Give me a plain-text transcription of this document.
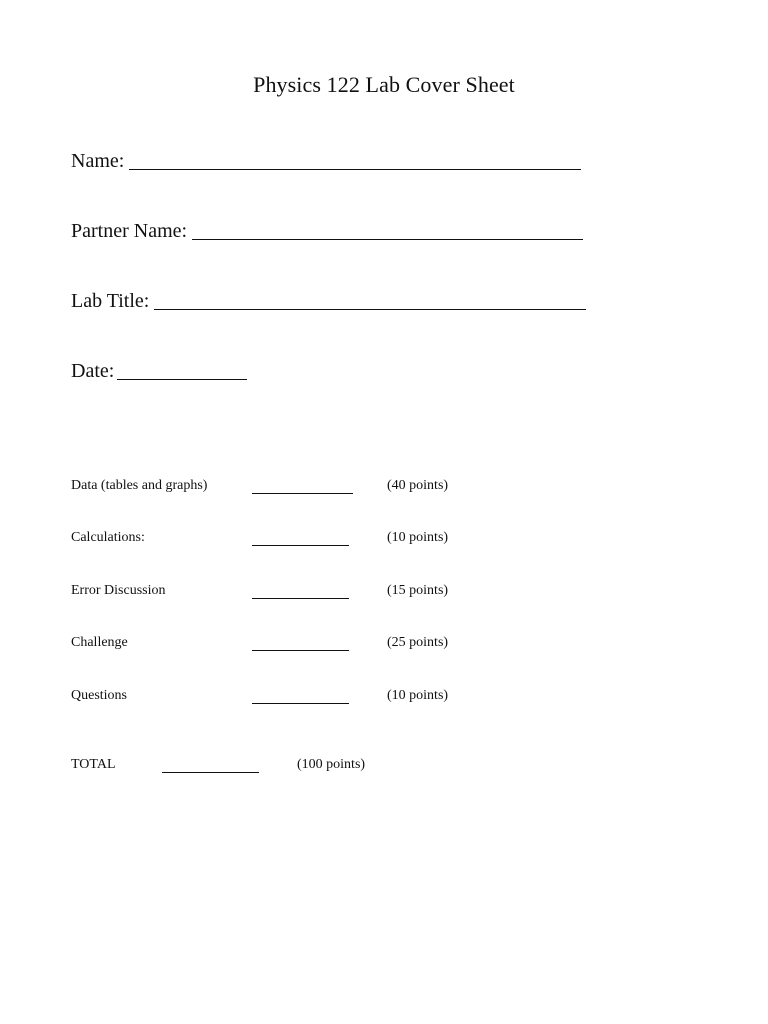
Physics 122 Lab Cover Sheet
Name:
Partner Name:
Lab Title:
Date:
Data (tables and graphs)	(40 points)
Calculations:	(10 points)
Error Discussion	(15 points)
Challenge	(25 points)
Questions	(10 points)
TOTAL	(100 points)
